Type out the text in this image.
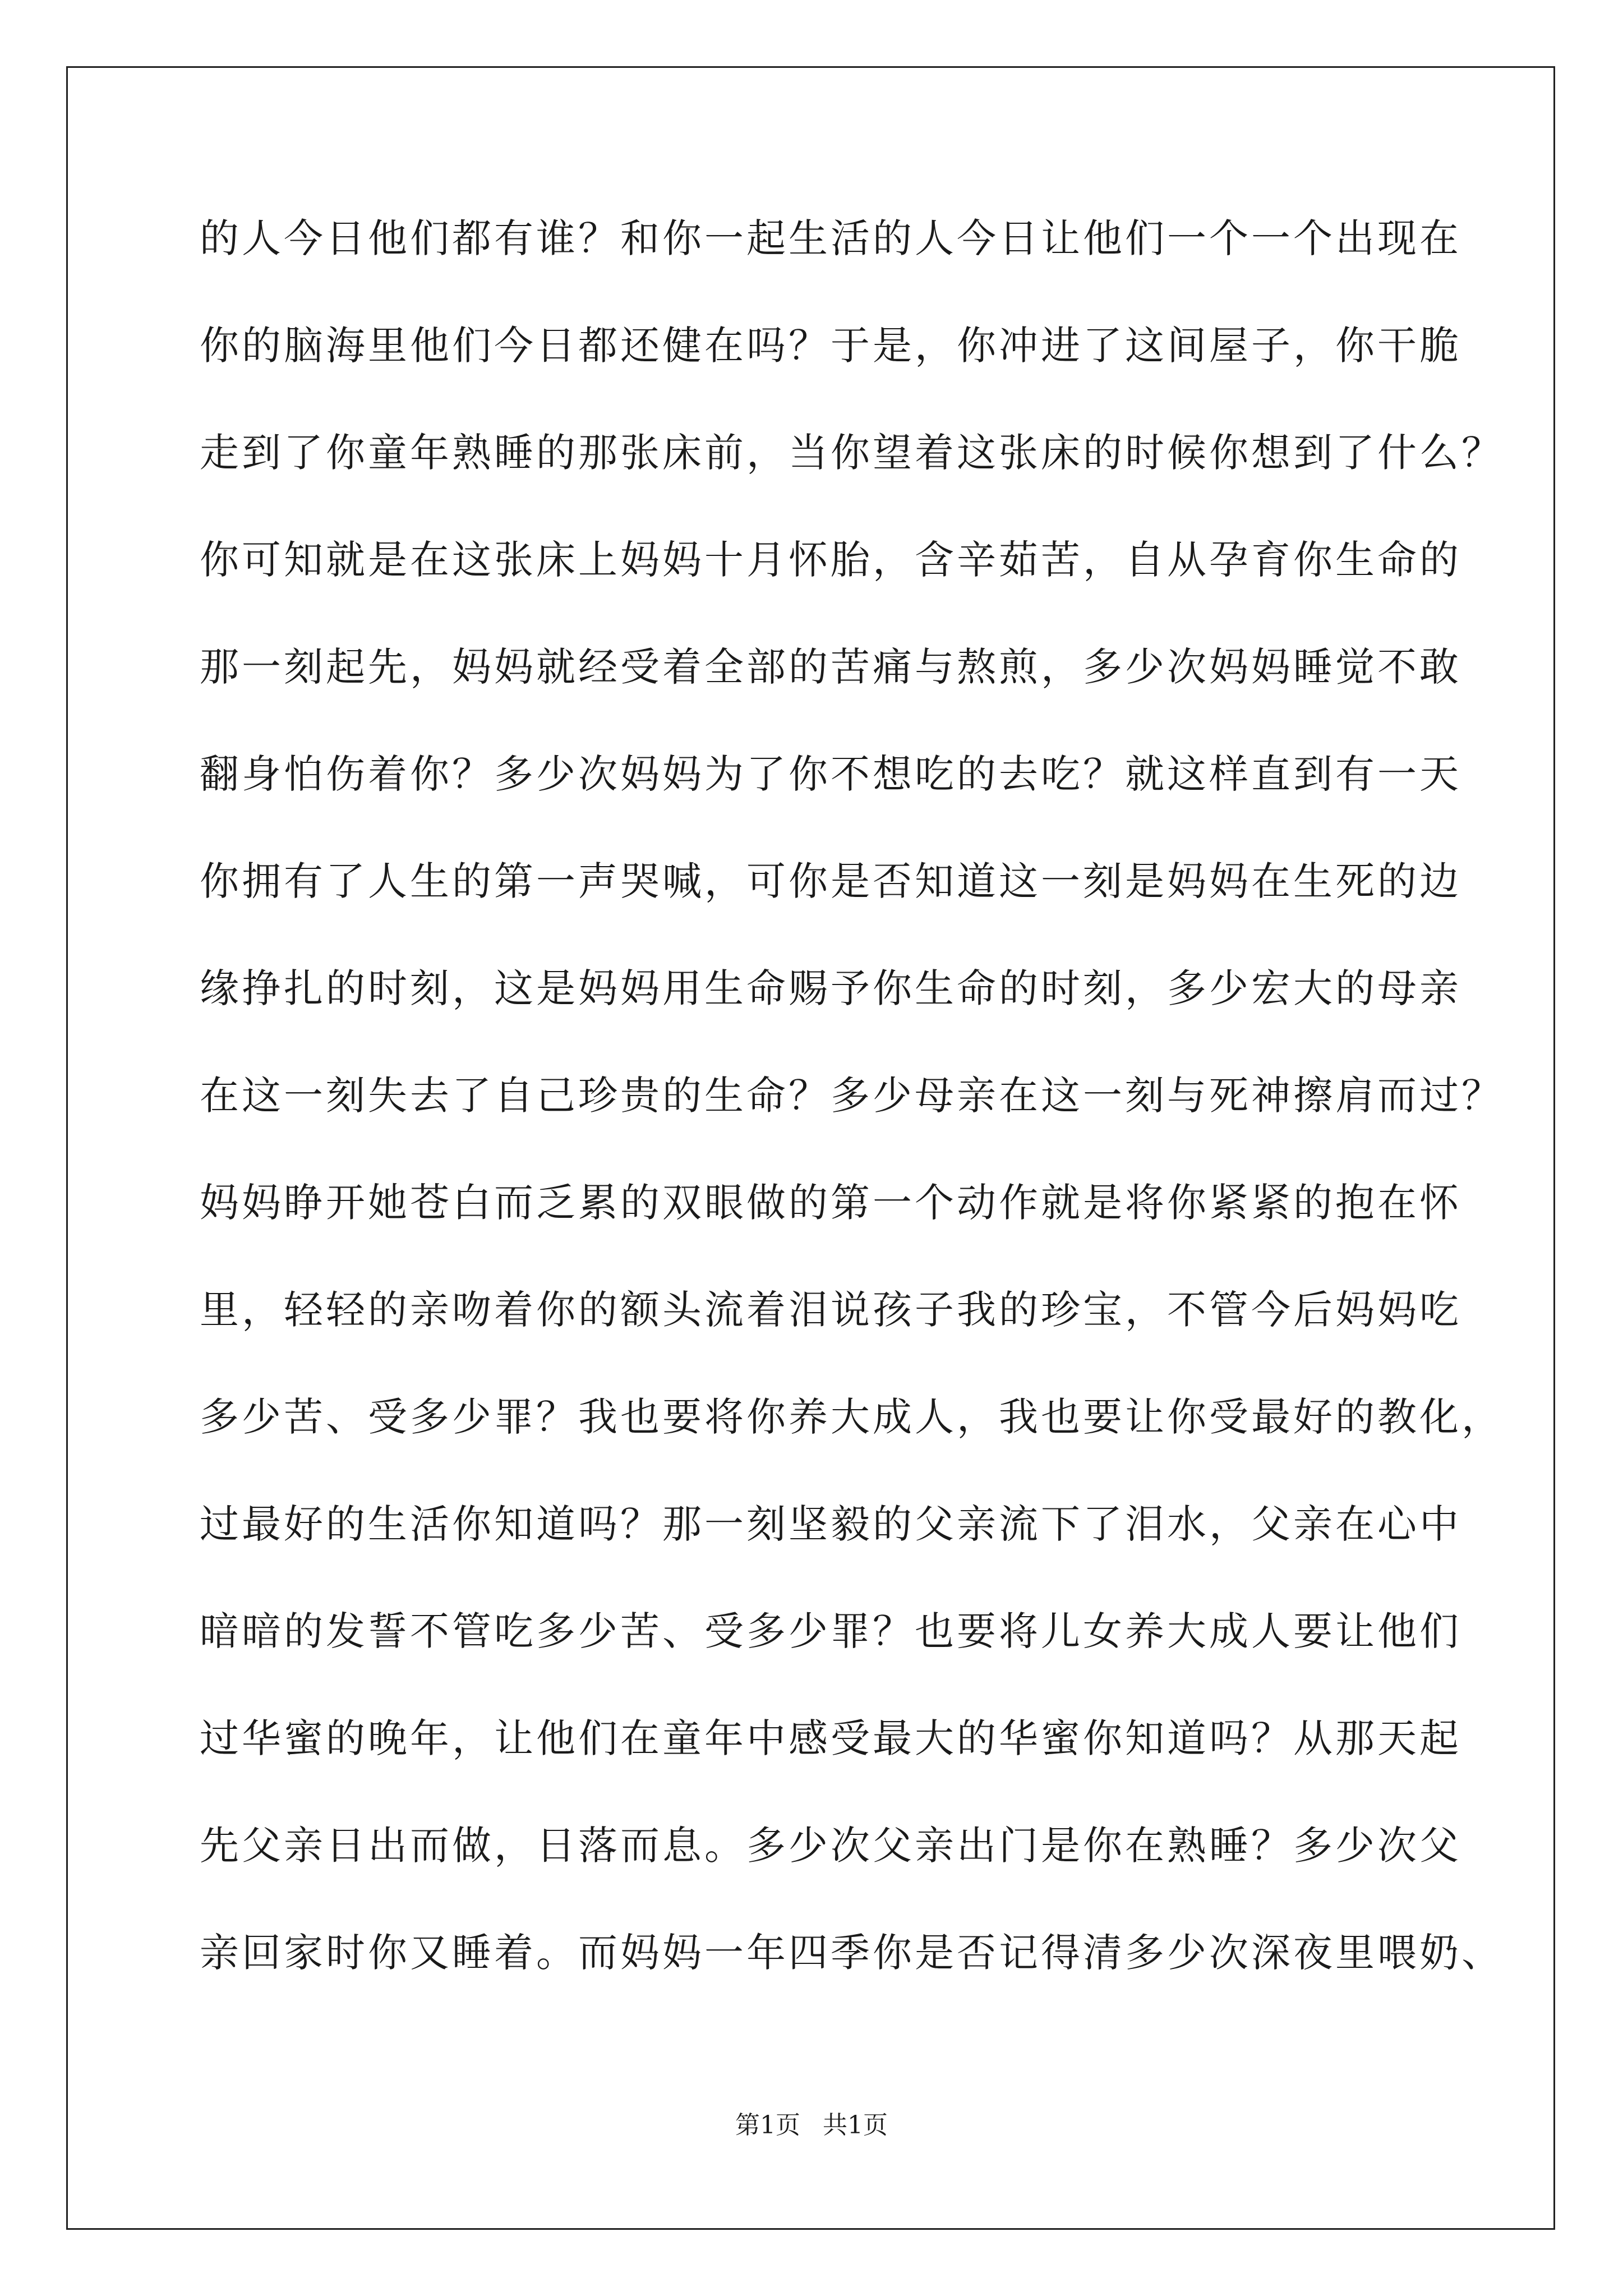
的人今日他们都有谁？和你一起生活的人今日让他们一个一个出现在
你的脑海里他们今日都还健在吗？于是，你冲进了这间屋子，你干脆
走到了你童年熟睡的那张床前，当你望着这张床的时候你想到了什么？
你可知就是在这张床上妈妈十月怀胎，含辛茹苦，自从孕育你生命的
那一刻起先，妈妈就经受着全部的苦痛与熬煎，多少次妈妈睡觉不敢
翻身怕伤着你？多少次妈妈为了你不想吃的去吃？就这样直到有一天
你拥有了人生的第一声哭喊，可你是否知道这一刻是妈妈在生死的边
缘挣扎的时刻，这是妈妈用生命赐予你生命的时刻，多少宏大的母亲
在这一刻失去了自己珍贵的生命？多少母亲在这一刻与死神擦肩而过？
妈妈睁开她苍白而乏累的双眼做的第一个动作就是将你紧紧的抱在怀
里，轻轻的亲吻着你的额头流着泪说孩子我的珍宝，不管今后妈妈吃
多少苦、受多少罪？我也要将你养大成人，我也要让你受最好的教化，
过最好的生活你知道吗？那一刻坚毅的父亲流下了泪水，父亲在心中
暗暗的发誓不管吃多少苦、受多少罪？也要将儿女养大成人要让他们
过华蜜的晚年，让他们在童年中感受最大的华蜜你知道吗？从那天起
先父亲日出而做，日落而息。多少次父亲出门是你在熟睡？多少次父
亲回家时你又睡着。而妈妈一年四季你是否记得清多少次深夜里喂奶、
第1页 共1页
